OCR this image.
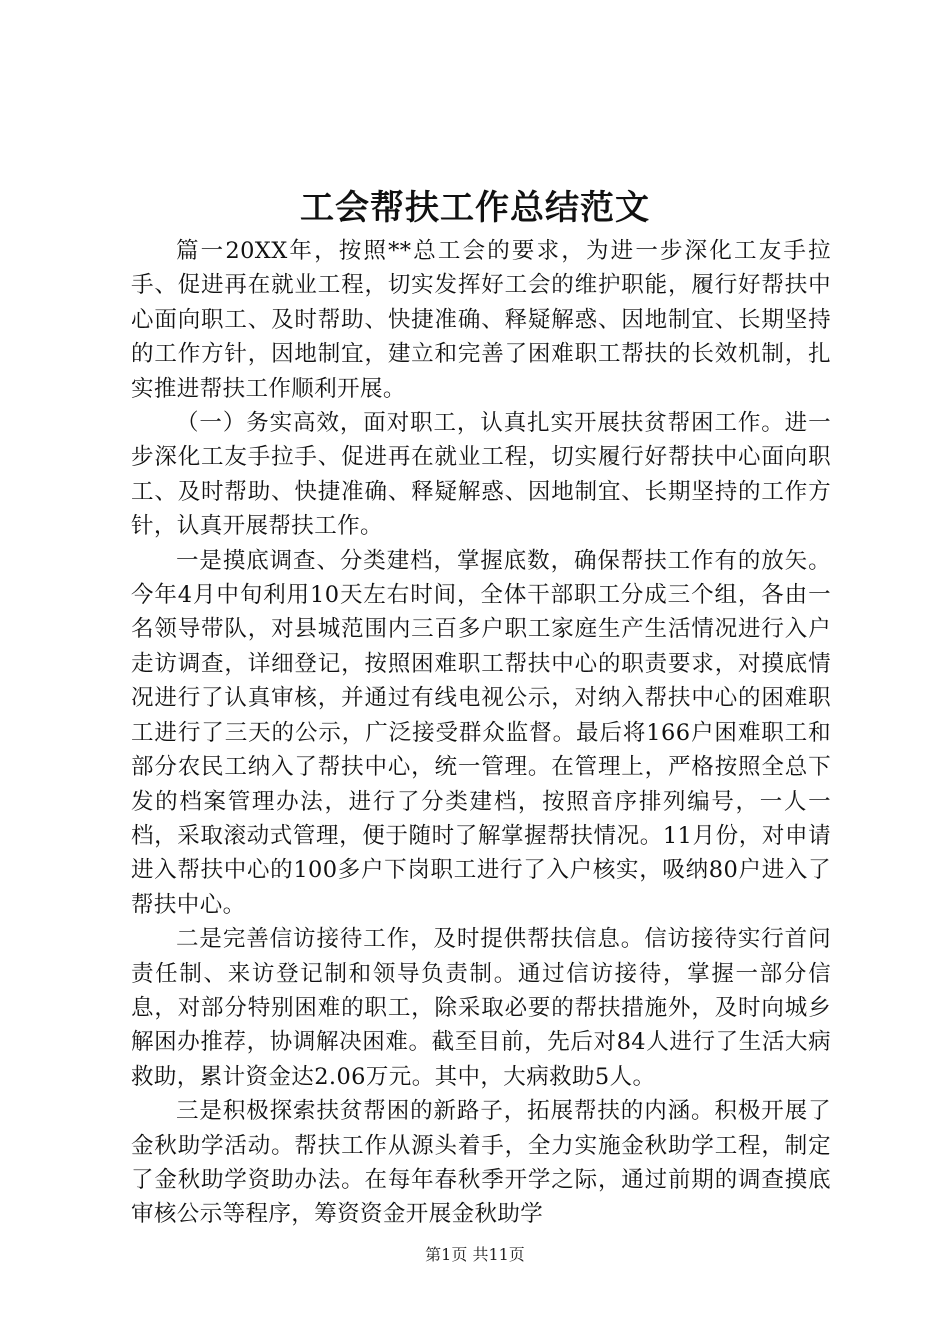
工会帮扶工作总结范文

篇一20XX年，按照**总工会的要求，为进一步深化工友手拉手、促进再在就业工程，切实发挥好工会的维护职能，履行好帮扶中心面向职工、及时帮助、快捷准确、释疑解惑、因地制宜、长期坚持的工作方针，因地制宜，建立和完善了困难职工帮扶的长效机制，扎实推进帮扶工作顺利开展。

（一）务实高效，面对职工，认真扎实开展扶贫帮困工作。进一步深化工友手拉手、促进再在就业工程，切实履行好帮扶中心面向职工、及时帮助、快捷准确、释疑解惑、因地制宜、长期坚持的工作方针，认真开展帮扶工作。

一是摸底调查、分类建档，掌握底数，确保帮扶工作有的放矢。今年4月中旬利用10天左右时间，全体干部职工分成三个组，各由一名领导带队，对县城范围内三百多户职工家庭生产生活情况进行入户走访调查，详细登记，按照困难职工帮扶中心的职责要求，对摸底情况进行了认真审核，并通过有线电视公示，对纳入帮扶中心的困难职工进行了三天的公示，广泛接受群众监督。最后将166户困难职工和部分农民工纳入了帮扶中心，统一管理。在管理上，严格按照全总下发的档案管理办法，进行了分类建档，按照音序排列编号，一人一档，采取滚动式管理，便于随时了解掌握帮扶情况。11月份，对申请进入帮扶中心的100多户下岗职工进行了入户核实，吸纳80户进入了帮扶中心。

二是完善信访接待工作，及时提供帮扶信息。信访接待实行首问责任制、来访登记制和领导负责制。通过信访接待，掌握一部分信息，对部分特别困难的职工，除采取必要的帮扶措施外，及时向城乡解困办推荐，协调解决困难。截至目前，先后对84人进行了生活大病救助，累计资金达2.06万元。其中，大病救助5人。

三是积极探索扶贫帮困的新路子，拓展帮扶的内涵。积极开展了金秋助学活动。帮扶工作从源头着手，全力实施金秋助学工程，制定了金秋助学资助办法。在每年春秋季开学之际，通过前期的调查摸底审核公示等程序，筹资资金开展金秋助学

第1页 共11页
